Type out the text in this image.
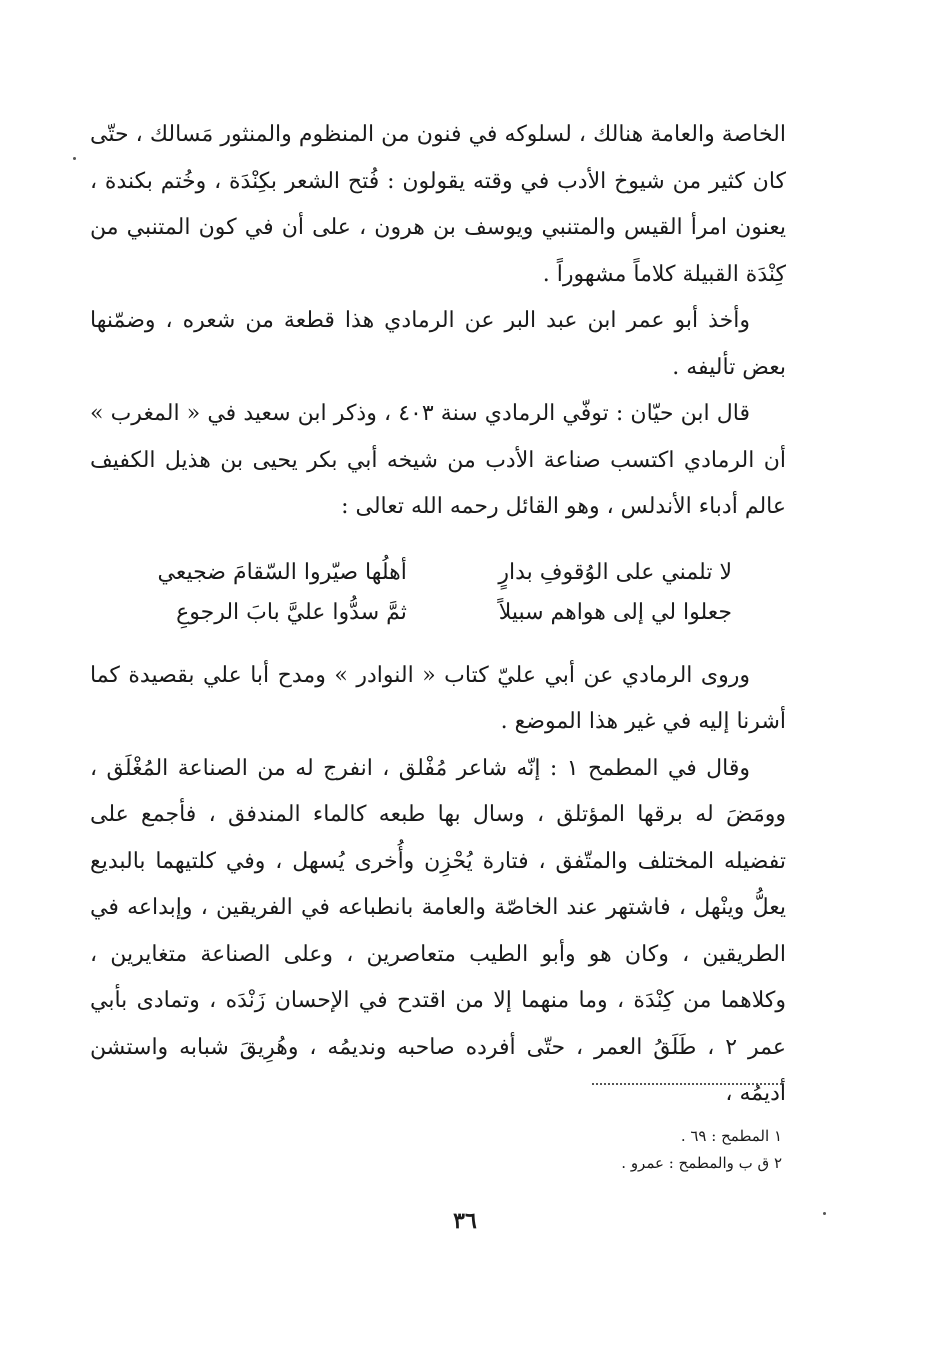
الخاصة والعامة هنالك ، لسلوكه في فنون من المنظوم والمنثور مَسالك ، حتّى كان كثير من شيوخ الأدب في وقته يقولون : فُتح الشعر بكِنْدَة ، وخُتم بكندة ، يعنون امرأ القيس والمتنبي ويوسف بن هرون ، على أن في كون المتنبي من كِنْدَة القبيلة كلاماً مشهوراً .

وأخذ أبو عمر ابن عبد البر عن الرمادي هذا قطعة من شعره ، وضمّنها بعض تأليفه .

قال ابن حيّان : توفّي الرمادي سنة ٤٠٣ ، وذكر ابن سعيد في « المغرب » أن الرمادي اكتسب صناعة الأدب من شيخه أبي بكر يحيى بن هذيل الكفيف عالم أدباء الأندلس ، وهو القائل رحمه الله تعالى :

لا تلمني على الوُقوفِ بدارٍ
أهلُها صيّروا السّقامَ ضجيعي
جعلوا لي إلى هواهم سبيلاً
ثمَّ سدُّوا عليَّ بابَ الرجوعِ

وروى الرمادي عن أبي عليّ كتاب « النوادر » ومدح أبا علي بقصيدة كما أشرنا إليه في غير هذا الموضع .

وقال في المطمح ١ : إنّه شاعر مُفْلق ، انفرج له من الصناعة المُغْلَق ، وومَضَ له برقها المؤتلق ، وسال بها طبعه كالماء المندفق ، فأجمع على تفضيله المختلف والمتّفق ، فتارة يُحْزِن وأُخرى يُسهل ، وفي كلتيهما بالبديع يعلُّ وينْهل ، فاشتهر عند الخاصّة والعامة بانطباعه في الفريقين ، وإبداعه في الطريقين ، وكان هو وأبو الطيب متعاصرين ، وعلى الصناعة متغايرين ، وكلاهما من كِنْدَة ، وما منهما إلا من اقتدح في الإحسان زَنْدَه ، وتمادى بأبي عمر ٢ ، طَلَقُ العمر ، حتّى أفرده صاحبه ونديمُه ، وهُرِيقَ شبابه واستشن أديمُه ،

١ المطمح : ٦٩ .
٢ ق ب والمطمح : عمرو .
٣٦
